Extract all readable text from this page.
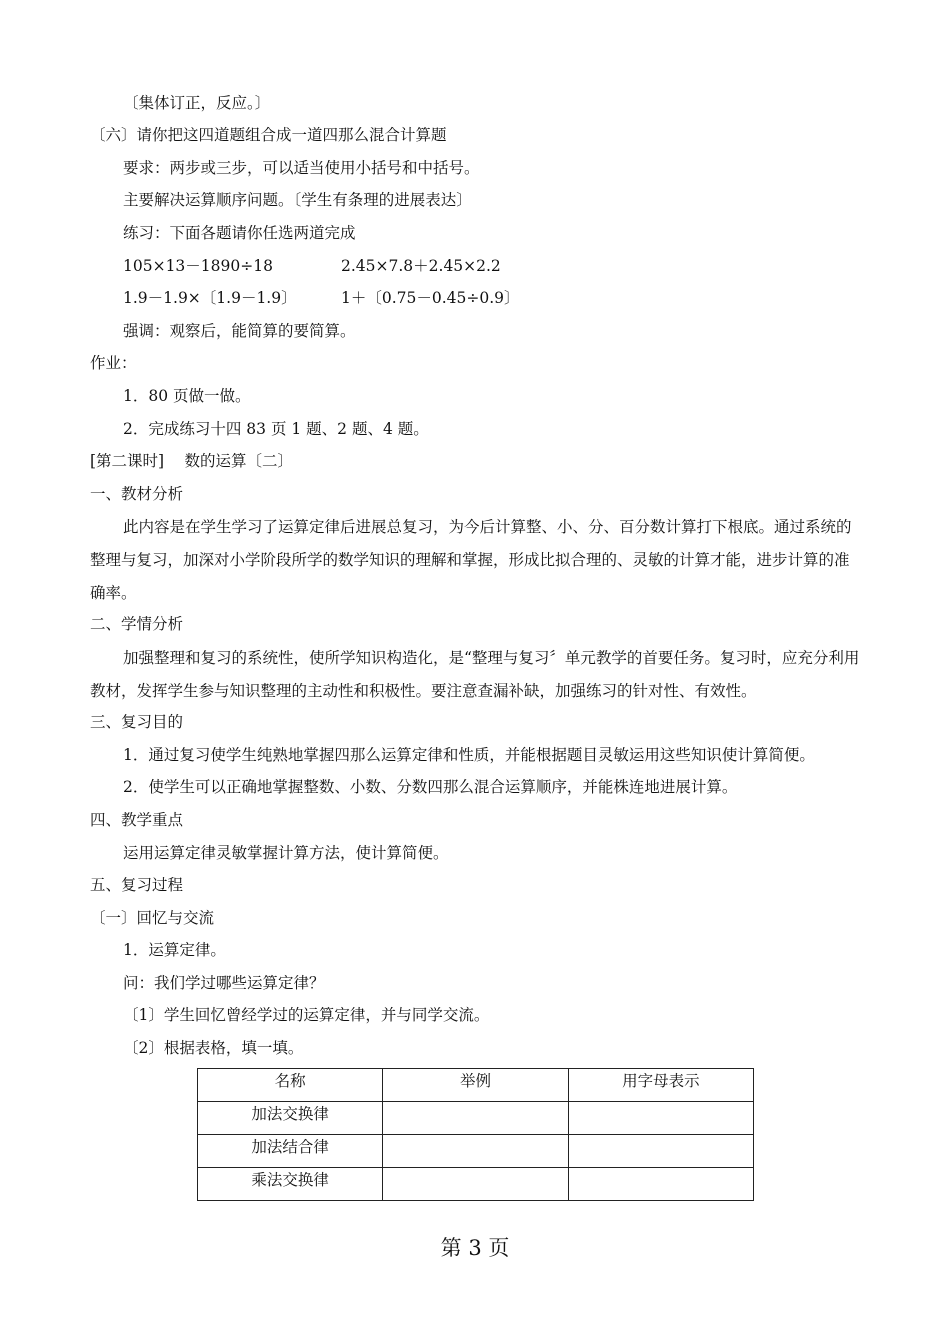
〔集体订正，反应。〕
〔六〕请你把这四道题组合成一道四那么混合计算题
要求：两步或三步，可以适当使用小括号和中括号。
主要解决运算顺序问题。〔学生有条理的进展表达〕
练习：下面各题请你任选两道完成
105×13－1890÷18	2.45×7.8＋2.45×2.2
1.9－1.9×〔1.9－1.9〕	1＋〔0.75－0.45÷0.9〕
强调：观察后，能简算的要简算。
作业：
1．80 页做一做。
2．完成练习十四 83 页 1 题、2 题、4 题。
[第二课时]　 数的运算〔二〕
一、教材分析
此内容是在学生学习了运算定律后进展总复习，为今后计算整、小、分、百分数计算打下根底。通过系统的整理与复习，加深对小学阶段所学的数学知识的理解和掌握，形成比拟合理的、灵敏的计算才能，进步计算的准确率。
二、学情分析
加强整理和复习的系统性，使所学知识构造化，是“整理与复习〞单元教学的首要任务。复习时，应充分利用教材，发挥学生参与知识整理的主动性和积极性。要注意查漏补缺，加强练习的针对性、有效性。
三、复习目的
1．通过复习使学生纯熟地掌握四那么运算定律和性质，并能根据题目灵敏运用这些知识使计算简便。
2．使学生可以正确地掌握整数、小数、分数四那么混合运算顺序，并能株连地进展计算。
四、教学重点
运用运算定律灵敏掌握计算方法，使计算简便。
五、复习过程
〔一〕回忆与交流
1．运算定律。
问：我们学过哪些运算定律？
〔1〕学生回忆曾经学过的运算定律，并与同学交流。
〔2〕根据表格，填一填。
名称	举例	用字母表示
加法交换律		
加法结合律		
乘法交换律		
第 3 页
